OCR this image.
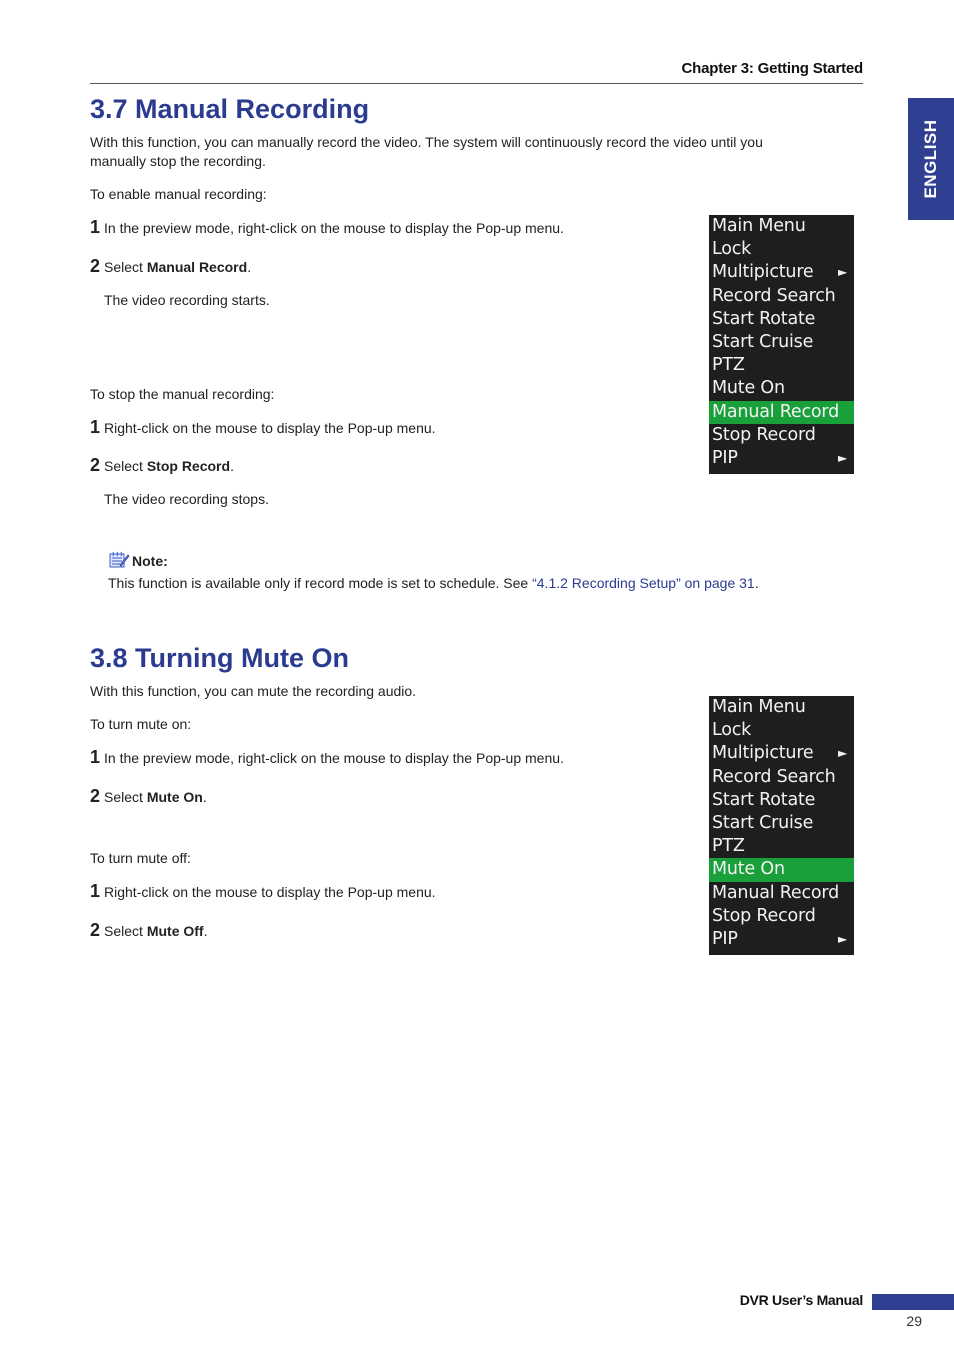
Chapter 3: Getting Started
ENGLISH
3.7 Manual Recording
With this function, you can manually record the video. The system will continuously record the video until you
manually stop the recording.
To enable manual recording:
1 In the preview mode, right-click on the mouse to display the Pop-up menu.
2 Select Manual Record.
The video recording starts.
To stop the manual recording:
1 Right-click on the mouse to display the Pop-up menu.
2 Select Stop Record.
The video recording stops.
Note:
This function is available only if record mode is set to schedule. See “4.1.2 Recording Setup” on page 31.
3.8 Turning Mute On
With this function, you can mute the recording audio.
To turn mute on:
1 In the preview mode, right-click on the mouse to display the Pop-up menu.
2 Select Mute On.
To turn mute off:
1 Right-click on the mouse to display the Pop-up menu.
2 Select Mute Off.
Main Menu
Lock
Multipicture ►
Record Search
Start Rotate
Start Cruise
PTZ
Mute On
Manual Record
Stop Record
PIP	►
Main Menu
Lock
Multipicture ►
Record Search
Start Rotate
Start Cruise
PTZ
Mute On
Manual Record
Stop Record
PIP	►
DVR User’s Manual
29
